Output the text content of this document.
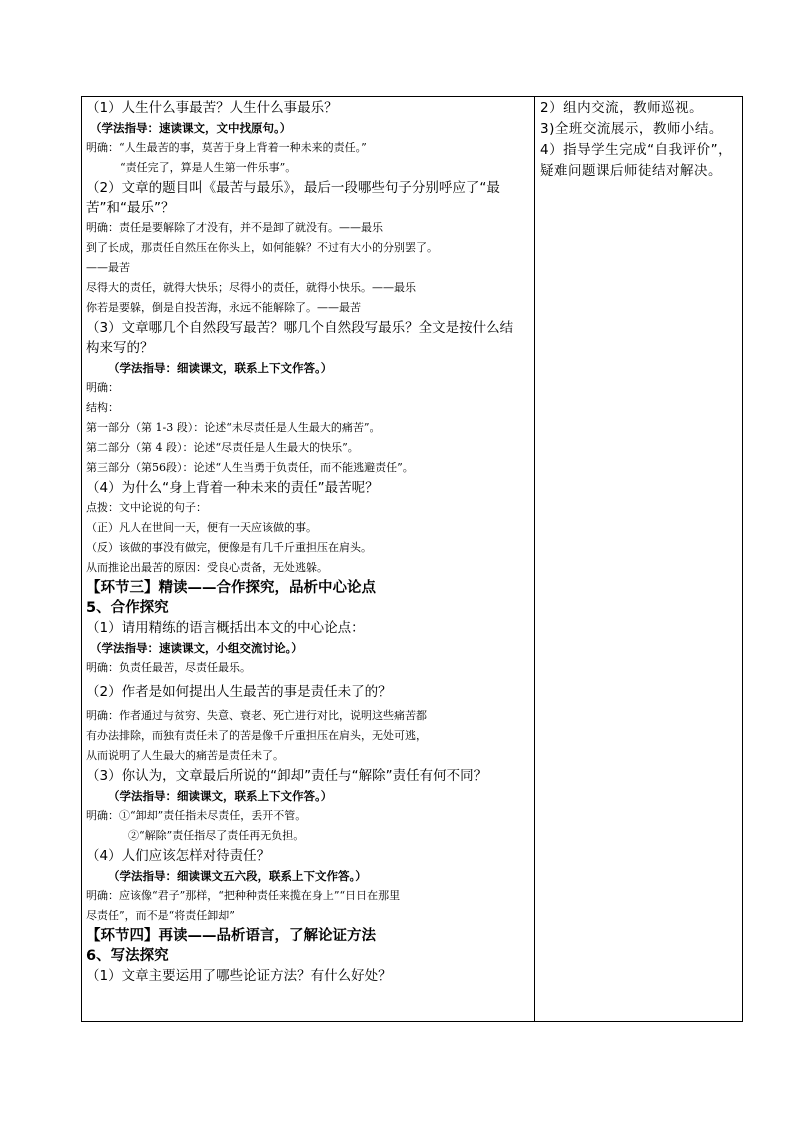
（1）人生什么事最苦？人生什么事最乐？
（学法指导：速读课文，文中找原句。）
明确：“人生最苦的事，莫苦于身上背着一种未来的责任。”
“责任完了，算是人生第一件乐事”。
（2）文章的题目叫《最苦与最乐》，最后一段哪些句子分别呼应了“最
苦”和“最乐”？
明确：责任是要解除了才没有，并不是卸了就没有。——最乐
到了长成，那责任自然压在你头上，如何能躲？不过有大小的分别罢了。
——最苦
尽得大的责任，就得大快乐；尽得小的责任，就得小快乐。——最乐
你若是要躲，倒是自投苦海，永远不能解除了。——最苦
（3）文章哪几个自然段写最苦？哪几个自然段写最乐？全文是按什么结
构来写的？
（学法指导：细读课文，联系上下文作答。）
明确：
结构：
第一部分（第 1-3 段）：论述“未尽责任是人生最大的痛苦”。
第二部分（第 4 段）：论述“尽责任是人生最大的快乐”。
第三部分（第56段）：论述“人生当勇于负责任，而不能逃避责任”。
（4）为什么“身上背着一种未来的责任”最苦呢？
点拨：文中论说的句子：
（正）凡人在世间一天，便有一天应该做的事。
（反）该做的事没有做完，便像是有几千斤重担压在肩头。
从而推论出最苦的原因：受良心责备，无处逃躲。
【环节三】精读——合作探究，品析中心论点
5、合作探究
（1）请用精练的语言概括出本文的中心论点：
（学法指导：速读课文，小组交流讨论。）
明确：负责任最苦，尽责任最乐。
（2）作者是如何提出人生最苦的事是责任未了的？
明确：作者通过与贫穷、失意、衰老、死亡进行对比，说明这些痛苦都
有办法排除，而独有责任未了的苦是像千斤重担压在肩头，无处可逃，
从而说明了人生最大的痛苦是责任未了。
（3）你认为，文章最后所说的“卸却”责任与“解除”责任有何不同？
（学法指导：细读课文，联系上下文作答。）
明确：①“卸却”责任指未尽责任，丢开不管。
②“解除”责任指尽了责任再无负担。
（4）人们应该怎样对待责任？
（学法指导：细读课文五六段，联系上下文作答。）
明确：应该像“君子”那样，“把种种责任来揽在身上”“日日在那里
尽责任”，而不是“将责任卸却”
【环节四】再读——品析语言，了解论证方法
6、写法探究
（1）文章主要运用了哪些论证方法？有什么好处？
2）组内交流，教师巡视。
3)全班交流展示，教师小结。
4）指导学生完成“自我评价”，疑难问题课后师徒结对解决。
